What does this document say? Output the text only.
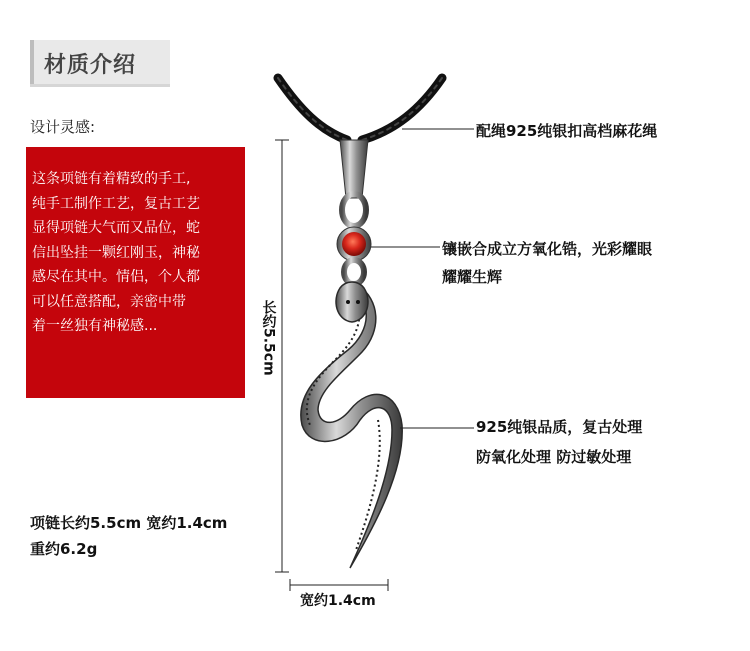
材质介绍
设计灵感:
这条项链有着精致的手工,
纯手工制作工艺，复古工艺
显得项链大气而又品位，蛇
信出坠挂一颗红刚玉，神秘
感尽在其中。情侣，个人都
可以任意搭配，亲密中带
着一丝独有神秘感...
项链长约5.5cm 宽约1.4cm
重约6.2g
长约5.5cm
宽约1.4cm
配绳925纯银扣高档麻花绳
镶嵌合成立方氧化锆，光彩耀眼
耀耀生辉
925纯银品质，复古处理
防氧化处理 防过敏处理
